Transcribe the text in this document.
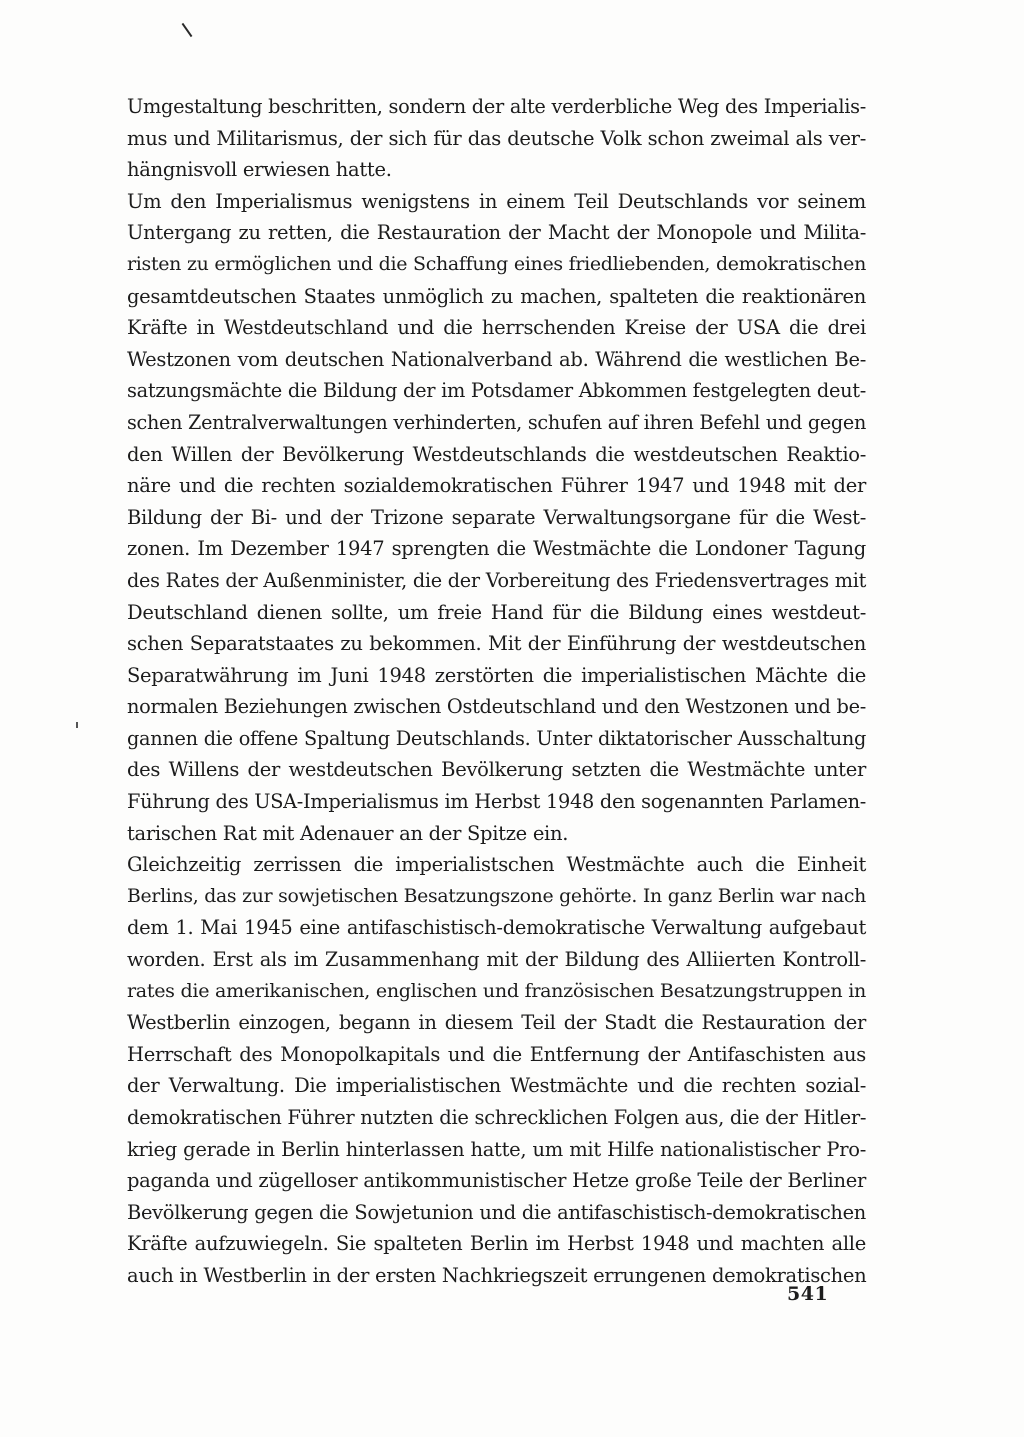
Umgestaltung beschritten, sondern der alte verderbliche Weg des Imperialis-
mus und Militarismus, der sich für das deutsche Volk schon zweimal als ver-
hängnisvoll erwiesen hatte.
Um den Imperialismus wenigstens in einem Teil Deutschlands vor seinem
Untergang zu retten, die Restauration der Macht der Monopole und Milita-
risten zu ermöglichen und die Schaffung eines friedliebenden, demokratischen
gesamtdeutschen Staates unmöglich zu machen, spalteten die reaktionären
Kräfte in Westdeutschland und die herrschenden Kreise der USA die drei
Westzonen vom deutschen Nationalverband ab. Während die westlichen Be-
satzungsmächte die Bildung der im Potsdamer Abkommen festgelegten deut-
schen Zentralverwaltungen verhinderten, schufen auf ihren Befehl und gegen
den Willen der Bevölkerung Westdeutschlands die westdeutschen Reaktio-
näre und die rechten sozialdemokratischen Führer 1947 und 1948 mit der
Bildung der Bi- und der Trizone separate Verwaltungsorgane für die West-
zonen. Im Dezember 1947 sprengten die Westmächte die Londoner Tagung
des Rates der Außenminister, die der Vorbereitung des Friedensvertrages mit
Deutschland dienen sollte, um freie Hand für die Bildung eines westdeut-
schen Separatstaates zu bekommen. Mit der Einführung der westdeutschen
Separatwährung im Juni 1948 zerstörten die imperialistischen Mächte die
normalen Beziehungen zwischen Ostdeutschland und den Westzonen und be-
gannen die offene Spaltung Deutschlands. Unter diktatorischer Ausschaltung
des Willens der westdeutschen Bevölkerung setzten die Westmächte unter
Führung des USA-Imperialismus im Herbst 1948 den sogenannten Parlamen-
tarischen Rat mit Adenauer an der Spitze ein.
Gleichzeitig zerrissen die imperialistschen Westmächte auch die Einheit
Berlins, das zur sowjetischen Besatzungszone gehörte. In ganz Berlin war nach
dem 1. Mai 1945 eine antifaschistisch-demokratische Verwaltung aufgebaut
worden. Erst als im Zusammenhang mit der Bildung des Alliierten Kontroll-
rates die amerikanischen, englischen und französischen Besatzungstruppen in
Westberlin einzogen, begann in diesem Teil der Stadt die Restauration der
Herrschaft des Monopolkapitals und die Entfernung der Antifaschisten aus
der Verwaltung. Die imperialistischen Westmächte und die rechten sozial-
demokratischen Führer nutzten die schrecklichen Folgen aus, die der Hitler-
krieg gerade in Berlin hinterlassen hatte, um mit Hilfe nationalistischer Pro-
paganda und zügelloser antikommunistischer Hetze große Teile der Berliner
Bevölkerung gegen die Sowjetunion und die antifaschistisch-demokratischen
Kräfte aufzuwiegeln. Sie spalteten Berlin im Herbst 1948 und machten alle
auch in Westberlin in der ersten Nachkriegszeit errungenen demokratischen
541
